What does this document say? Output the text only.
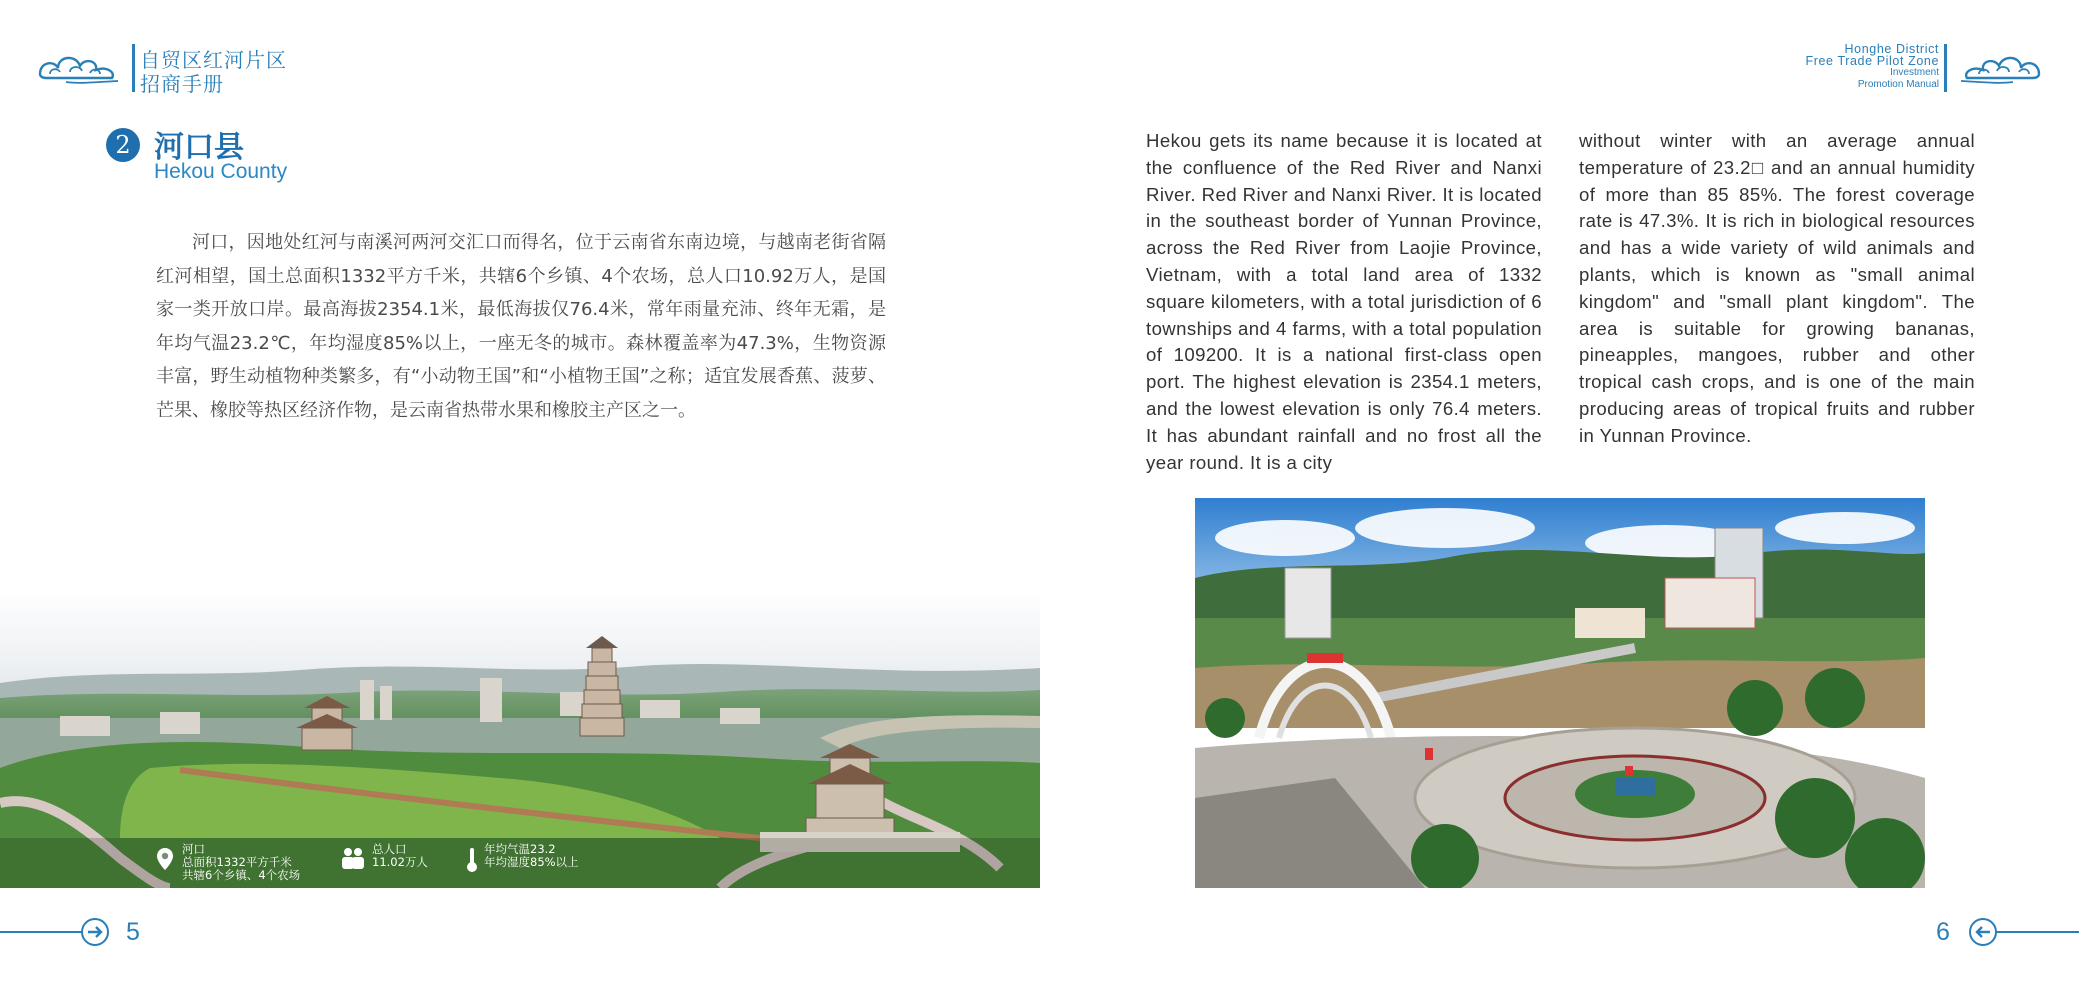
自贸区红河片区
招商手册
Honghe District
Free Trade Pilot Zone
Investment
Promotion Manual
2 河口县
Hekou County

河口，因地处红河与南溪河两河交汇口而得名，位于云南省东南边境，与越南老街省隔红河相望，国土总面积1332平方千米，共辖6个乡镇、4个农场，总人口10.92万人，是国家一类开放口岸。最高海拔2354.1米，最低海拔仅76.4米，常年雨量充沛、终年无霜，是年均气温23.2℃，年均湿度85%以上，一座无冬的城市。森林覆盖率为47.3%，生物资源丰富，野生动植物种类繁多，有“小动物王国”和“小植物王国”之称；适宜发展香蕉、菠萝、芒果、橡胶等热区经济作物，是云南省热带水果和橡胶主产区之一。

河口
总面积1332平方千米
共辖6个乡镇、4个农场
总人口
11.02万人
年均气温23.2
年均湿度85%以上

Hekou gets its name because it is located at the confluence of the Red River and Nanxi River. Red River and Nanxi River. It is located in the southeast border of Yunnan Province, across the Red River from Laojie Province, Vietnam, with a total land area of 1332 square kilometers, with a total jurisdiction of 6 townships and 4 farms, with a total population of 109200. It is a national first-class open port. The highest elevation is 2354.1 meters, and the lowest elevation is only 76.4 meters. It has abundant rainfall and no frost all the year round. It is a city

without winter with an average annual temperature of 23.2□ and an annual humidity of more than 85 85%. The forest coverage rate is 47.3%. It is rich in biological resources and has a wide variety of wild animals and plants, which is known as "small animal kingdom" and "small plant kingdom". The area is suitable for growing bananas, pineapples, mangoes, rubber and other tropical cash crops, and is one of the main producing areas of tropical fruits and rubber in Yunnan Province.

5	6
